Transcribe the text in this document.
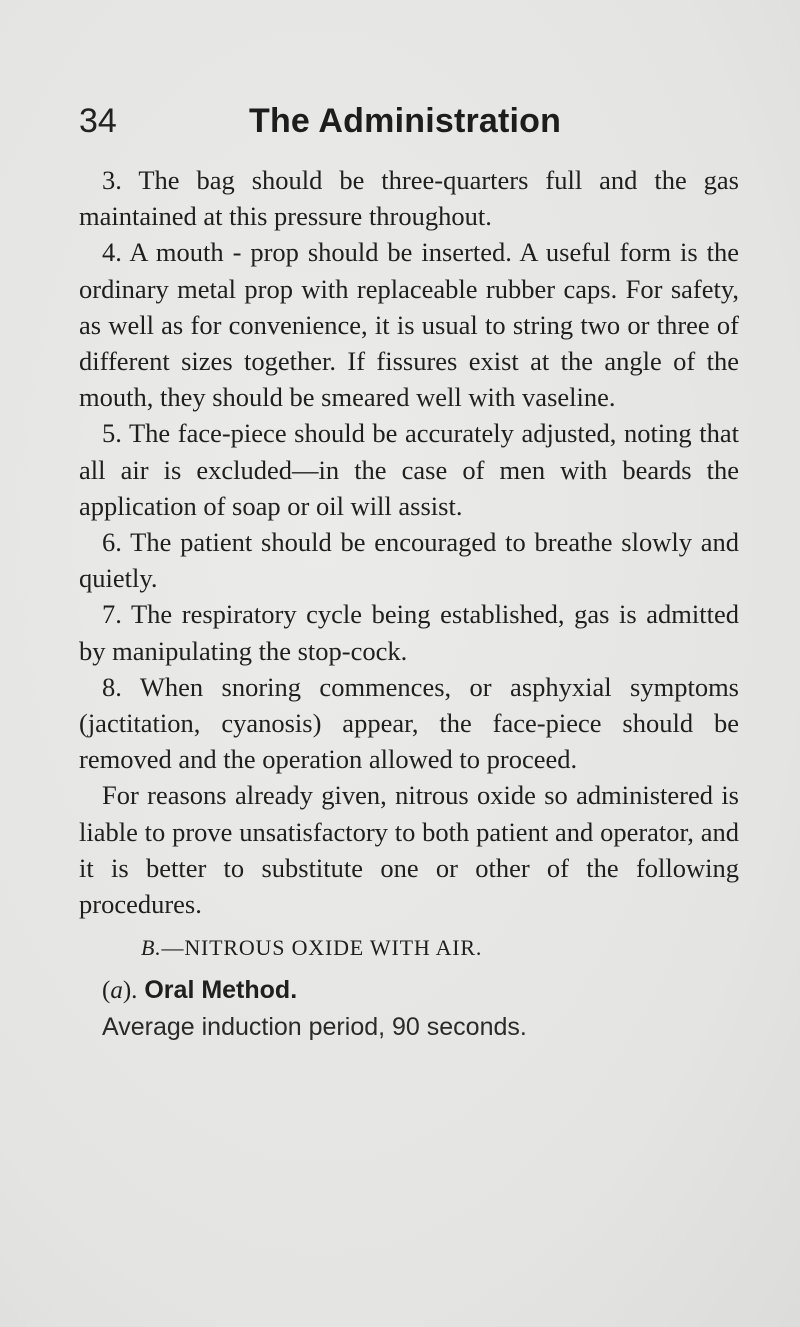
34	The Administration

3. The bag should be three-quarters full and the gas maintained at this pressure throughout.

4. A mouth - prop should be inserted. A useful form is the ordinary metal prop with replaceable rubber caps. For safety, as well as for convenience, it is usual to string two or three of different sizes together. If fissures exist at the angle of the mouth, they should be smeared well with vaseline.

5. The face-piece should be accurately adjusted, noting that all air is excluded—in the case of men with beards the application of soap or oil will assist.

6. The patient should be encouraged to breathe slowly and quietly.

7. The respiratory cycle being established, gas is admitted by manipulating the stop-cock.

8. When snoring commences, or asphyxial symptoms (jactitation, cyanosis) appear, the face-piece should be removed and the operation allowed to proceed.

For reasons already given, nitrous oxide so administered is liable to prove unsatisfactory to both patient and operator, and it is better to substitute one or other of the following procedures.

B.—NITROUS OXIDE WITH AIR.

(a). Oral Method.

Average induction period, 90 seconds.
